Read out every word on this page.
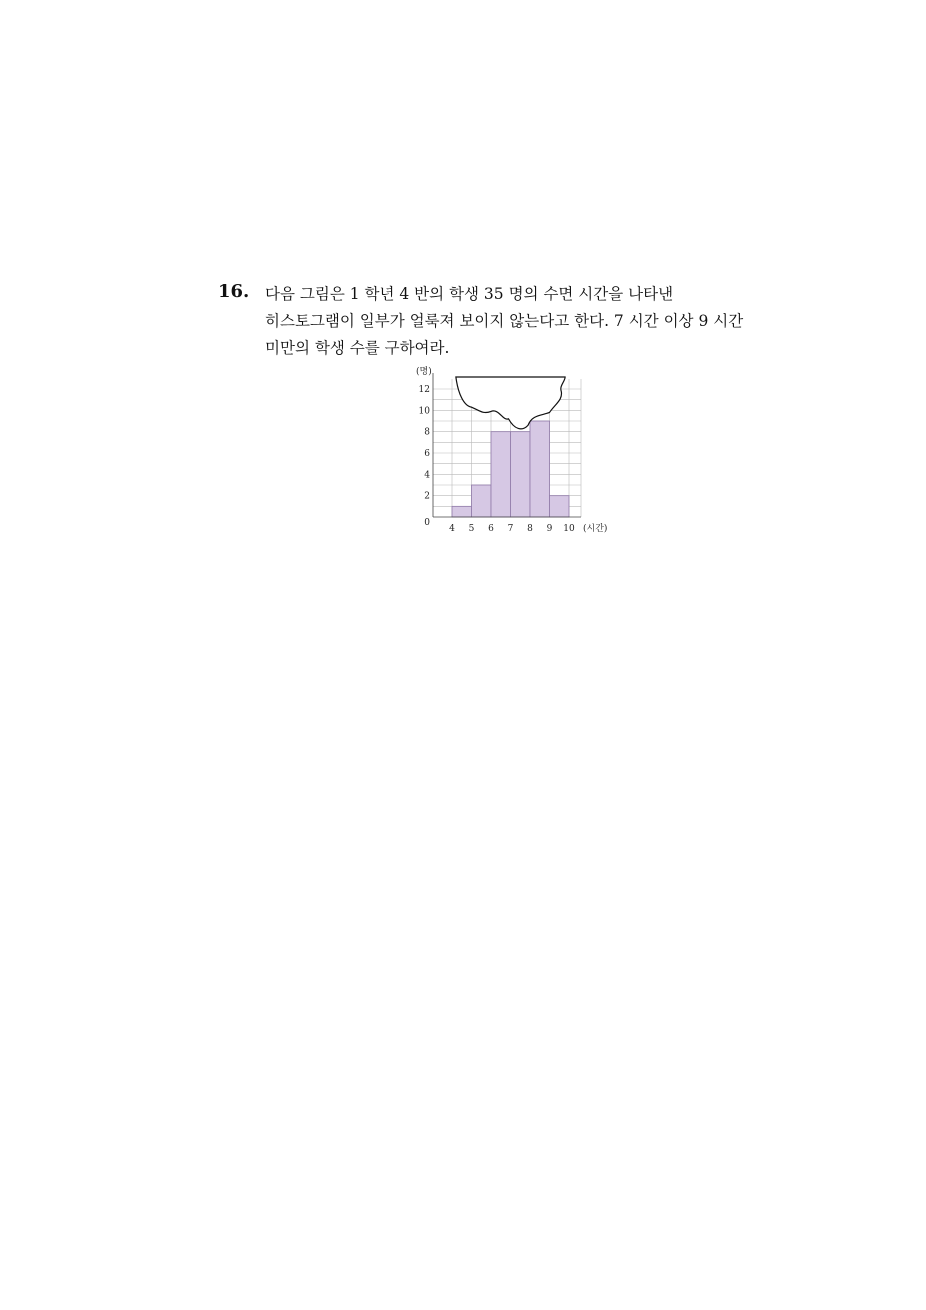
16. 다음 그림은 1 학년 4 반의 학생 35 명의 수면 시간을 나타낸
히스토그램이 일부가 얼룩져 보이지 않는다고 한다. 7 시간 이상 9 시간
미만의 학생 수를 구하여라.
0
2
4
6
8
10
12
4 5 6 7 8 9 10
(명)
(시간)
